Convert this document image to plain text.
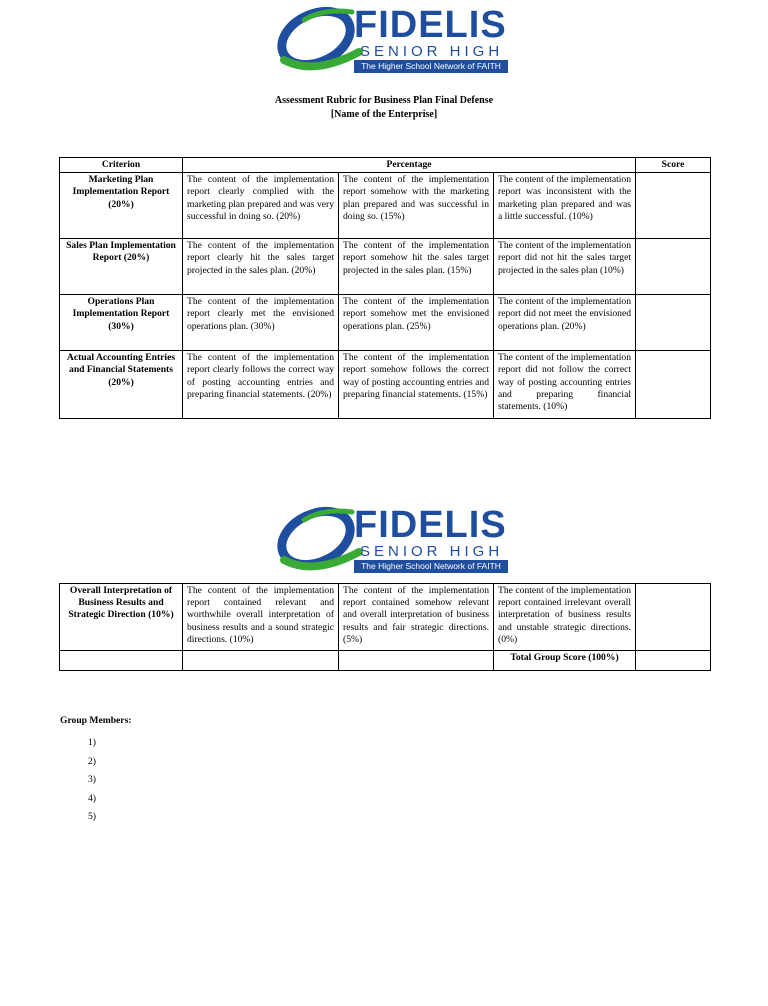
FIDELIS
SENIOR HIGH
The Higher School Network of FAITH
Assessment Rubric for Business Plan Final Defense
[Name of the Enterprise]
Criterion	Percentage			Score
Marketing Plan Implementation Report (20%)	The content of the implementation report clearly complied with the marketing plan prepared and was very successful in doing so. (20%)	The content of the implementation report somehow with the marketing plan prepared and was successful in doing so. (15%)	The content of the implementation report was inconsistent with the marketing plan prepared and was a little successful. (10%)	
Sales Plan Implementation Report (20%)	The content of the implementation report clearly hit the sales target projected in the sales plan. (20%)	The content of the implementation report somehow hit the sales target projected in the sales plan. (15%)	The content of the implementation report did not hit the sales target projected in the sales plan (10%)	
Operations Plan Implementation Report (30%)	The content of the implementation report clearly met the envisioned operations plan. (30%)	The content of the implementation report somehow met the envisioned operations plan. (25%)	The content of the implementation report did not meet the envisioned operations plan. (20%)	
Actual Accounting Entries and Financial Statements (20%)	The content of the implementation report clearly follows the correct way of posting accounting entries and preparing financial statements. (20%)	The content of the implementation report somehow follows the correct way of posting accounting entries and preparing financial statements. (15%)	The content of the implementation report did not follow the correct way of posting accounting entries and preparing financial statements. (10%)	
FIDELIS
SENIOR HIGH
The Higher School Network of FAITH
Overall Interpretation of Business Results and Strategic Direction (10%)	The content of the implementation report contained relevant and worthwhile overall interpretation of business results and a sound strategic directions. (10%)	The content of the implementation report contained somehow relevant and overall interpretation of business results and fair strategic directions. (5%)	The content of the implementation report contained irrelevant overall interpretation of business results and unstable strategic directions. (0%)	
			Total Group Score (100%)	
Group Members:
1)
2)
3)
4)
5)
